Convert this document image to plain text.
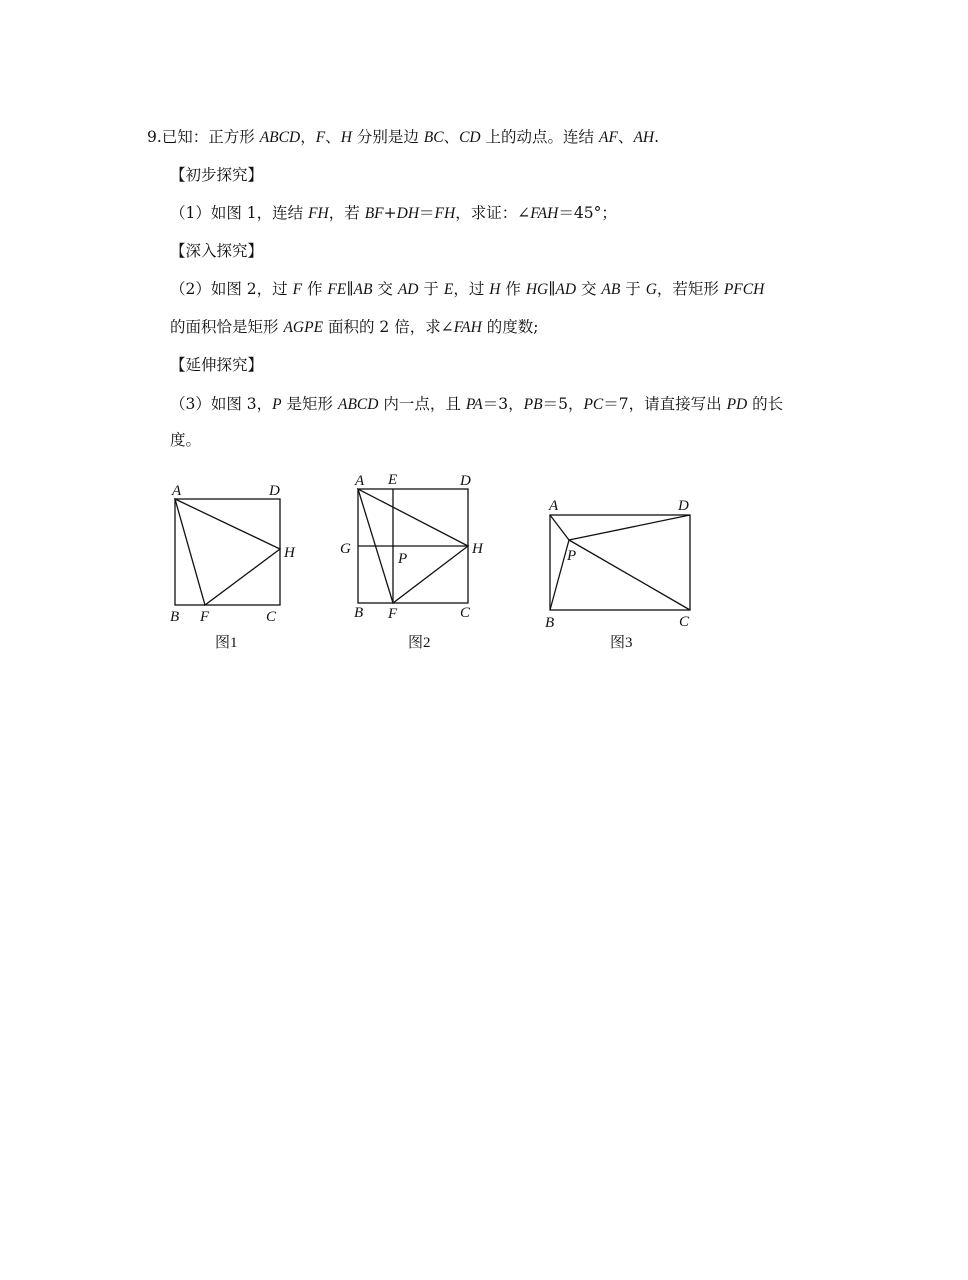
9.已知：正方形 ABCD，F、H 分别是边 BC、CD 上的动点。连结 AF、AH.
【初步探究】
（1）如图 1，连结 FH，若 BF+DH＝FH，求证：∠FAH＝45°；
【深入探究】
（2）如图 2，过 F 作 FE∥AB 交 AD 于 E，过 H 作 HG∥AD 交 AB 于 G，若矩形 PFCH
的面积恰是矩形 AGPE 面积的 2 倍，求∠FAH 的度数;
【延伸探究】
（3）如图 3，P 是矩形 ABCD 内一点，且 PA＝3，PB＝5，PC＝7，请直接写出 PD 的长
度。
A	D
H
B F	C
图1
A E	D
G
P
H
B F	C
图2
A	D
P
B	C
图3
